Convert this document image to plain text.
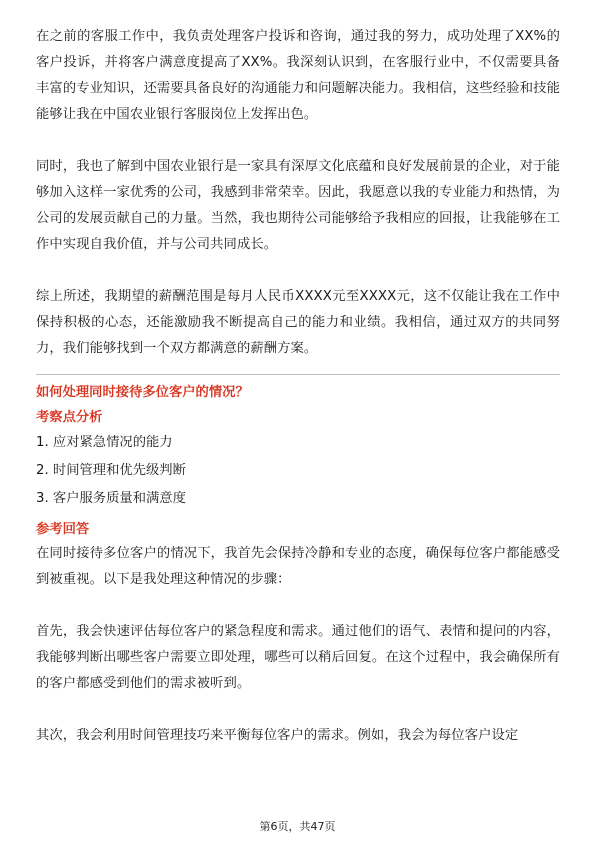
在之前的客服工作中，我负责处理客户投诉和咨询，通过我的努力，成功处理了XX%的客户投诉，并将客户满意度提高了XX%。我深刻认识到，在客服行业中，不仅需要具备丰富的专业知识，还需要具备良好的沟通能力和问题解决能力。我相信，这些经验和技能能够让我在中国农业银行客服岗位上发挥出色。

同时，我也了解到中国农业银行是一家具有深厚文化底蕴和良好发展前景的企业，对于能够加入这样一家优秀的公司，我感到非常荣幸。因此，我愿意以我的专业能力和热情，为公司的发展贡献自己的力量。当然，我也期待公司能够给予我相应的回报，让我能够在工作中实现自我价值，并与公司共同成长。

综上所述，我期望的薪酬范围是每月人民币XXXX元至XXXX元，这不仅能让我在工作中保持积极的心态，还能激励我不断提高自己的能力和业绩。我相信，通过双方的共同努力，我们能够找到一个双方都满意的薪酬方案。

如何处理同时接待多位客户的情况？

考察点分析

1. 应对紧急情况的能力

2. 时间管理和优先级判断

3. 客户服务质量和满意度

参考回答

在同时接待多位客户的情况下，我首先会保持冷静和专业的态度，确保每位客户都能感受到被重视。以下是我处理这种情况的步骤：

首先，我会快速评估每位客户的紧急程度和需求。通过他们的语气、表情和提问的内容，我能够判断出哪些客户需要立即处理，哪些可以稍后回复。在这个过程中，我会确保所有的客户都感受到他们的需求被听到。

其次，我会利用时间管理技巧来平衡每位客户的需求。例如，我会为每位客户设定

第6页，共47页
